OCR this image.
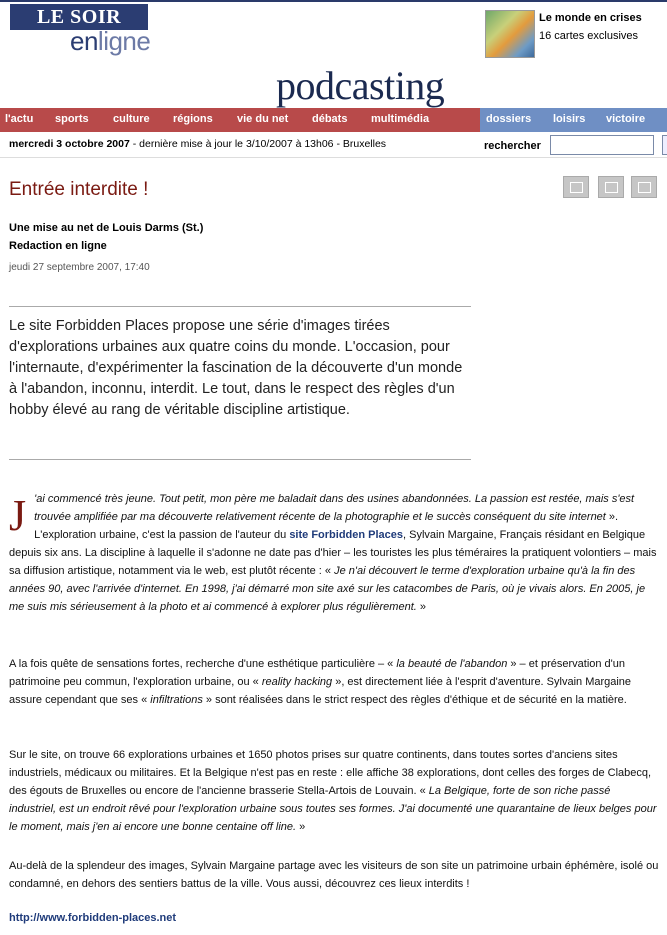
LE SOIR
enligne
Le monde en crises
16 cartes exclusives
podcasting
l'actu sports culture régions vie du net débats multimédia	dossiers loisirs victoire
mercredi 3 octobre 2007 - dernière mise à jour le 3/10/2007 à 13h06 - Bruxelles	rechercher
Entrée interdite !
Une mise au net de Louis Darms (St.)
Redaction en ligne
jeudi 27 septembre 2007, 17:40
Le site Forbidden Places propose une série d'images tirées d'explorations urbaines aux quatre coins du monde. L'occasion, pour l'internaute, d'expérimenter la fascination de la découverte d'un monde à l'abandon, inconnu, interdit. Le tout, dans le respect des règles d'un hobby élevé au rang de véritable discipline artistique.
J 'ai commencé très jeune. Tout petit, mon père me baladait dans des usines abandonnées. La passion est restée, mais s'est trouvée amplifiée par ma découverte relativement récente de la photographie et le succès conséquent du site internet ». L'exploration urbaine, c'est la passion de l'auteur du site Forbidden Places, Sylvain Margaine, Français résidant en Belgique depuis six ans. La discipline à laquelle il s'adonne ne date pas d'hier – les touristes les plus téméraires la pratiquent volontiers – mais sa diffusion artistique, notamment via le web, est plutôt récente : « Je n'ai découvert le terme d'exploration urbaine qu'à la fin des années 90, avec l'arrivée d'internet. En 1998, j'ai démarré mon site axé sur les catacombes de Paris, où je vivais alors. En 2005, je me suis mis sérieusement à la photo et ai commencé à explorer plus régulièrement. »
A la fois quête de sensations fortes, recherche d'une esthétique particulière – « la beauté de l'abandon » – et préservation d'un patrimoine peu commun, l'exploration urbaine, ou « reality hacking », est directement liée à l'esprit d'aventure. Sylvain Margaine assure cependant que ses « infiltrations » sont réalisées dans le strict respect des règles d'éthique et de sécurité en la matière.
Sur le site, on trouve 66 explorations urbaines et 1650 photos prises sur quatre continents, dans toutes sortes d'anciens sites industriels, médicaux ou militaires. Et la Belgique n'est pas en reste : elle affiche 38 explorations, dont celles des forges de Clabecq, des égouts de Bruxelles ou encore de l'ancienne brasserie Stella-Artois de Louvain. « La Belgique, forte de son riche passé industriel, est un endroit rêvé pour l'exploration urbaine sous toutes ses formes. J'ai documenté une quarantaine de lieux belges pour le moment, mais j'en ai encore une bonne centaine off line. »
Au-delà de la splendeur des images, Sylvain Margaine partage avec les visiteurs de son site un patrimoine urbain éphémère, isolé ou condamné, en dehors des sentiers battus de la ville. Vous aussi, découvrez ces lieux interdits !
http://www.forbidden-places.net
